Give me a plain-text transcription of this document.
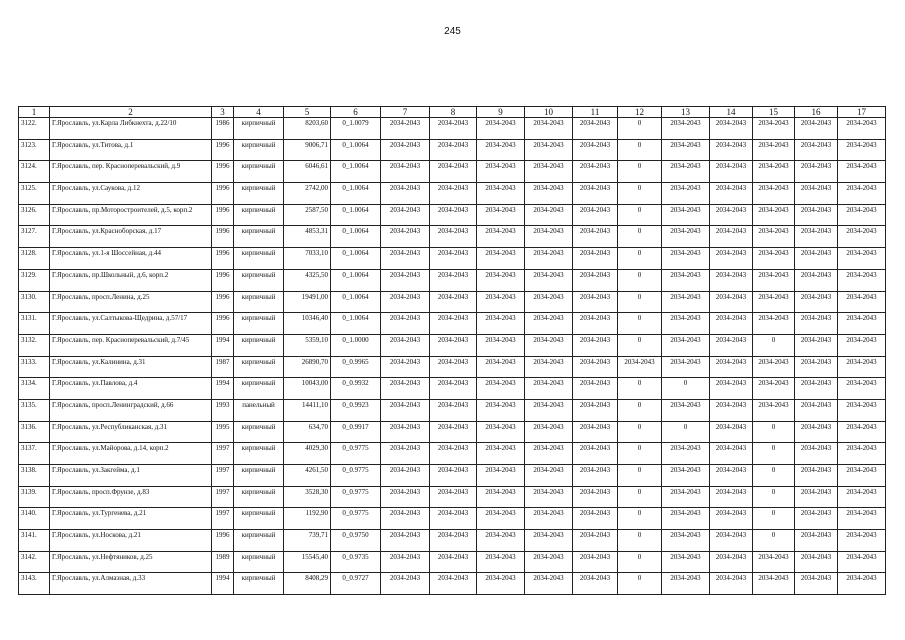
245
1	2	3	4	5	6	7	8	9	10	11	12	13	14	15	16	17
3122.	Г.Ярославль, ул.Карла Либкнехта, д.22/10	1986	кирпичный	8203,60	0_1.0079	2034-2043	2034-2043	2034-2043	2034-2043	2034-2043	0	2034-2043	2034-2043	2034-2043	2034-2043	2034-2043
3123.	Г.Ярославль, ул.Титова, д.1	1996	кирпичный	9006,71	0_1.0064	2034-2043	2034-2043	2034-2043	2034-2043	2034-2043	0	2034-2043	2034-2043	2034-2043	2034-2043	2034-2043
3124.	Г.Ярославль, пер. Красноперевальский, д.9	1996	кирпичный	6046,61	0_1.0064	2034-2043	2034-2043	2034-2043	2034-2043	2034-2043	0	2034-2043	2034-2043	2034-2043	2034-2043	2034-2043
3125.	Г.Ярославль, ул.Саукова, д.12	1996	кирпичный	2742,00	0_1.0064	2034-2043	2034-2043	2034-2043	2034-2043	2034-2043	0	2034-2043	2034-2043	2034-2043	2034-2043	2034-2043
3126.	Г.Ярославль, пр.Моторостроителей, д.5, корп.2	1996	кирпичный	2587,50	0_1.0064	2034-2043	2034-2043	2034-2043	2034-2043	2034-2043	0	2034-2043	2034-2043	2034-2043	2034-2043	2034-2043
3127.	Г.Ярославль, ул.Красноборская, д.17	1996	кирпичный	4853,31	0_1.0064	2034-2043	2034-2043	2034-2043	2034-2043	2034-2043	0	2034-2043	2034-2043	2034-2043	2034-2043	2034-2043
3128.	Г.Ярославль, ул.1-я Шоссейная, д.44	1996	кирпичный	7033,10	0_1.0064	2034-2043	2034-2043	2034-2043	2034-2043	2034-2043	0	2034-2043	2034-2043	2034-2043	2034-2043	2034-2043
3129.	Г.Ярославль, пр.Школьный, д.6, корп.2	1996	кирпичный	4325,50	0_1.0064	2034-2043	2034-2043	2034-2043	2034-2043	2034-2043	0	2034-2043	2034-2043	2034-2043	2034-2043	2034-2043
3130.	Г.Ярославль, просп.Ленина, д.25	1996	кирпичный	19491,00	0_1.0064	2034-2043	2034-2043	2034-2043	2034-2043	2034-2043	0	2034-2043	2034-2043	2034-2043	2034-2043	2034-2043
3131.	Г.Ярославль, ул.Салтыкова-Щедрина, д.57/17	1996	кирпичный	10346,40	0_1.0064	2034-2043	2034-2043	2034-2043	2034-2043	2034-2043	0	2034-2043	2034-2043	2034-2043	2034-2043	2034-2043
3132.	Г.Ярославль, пер. Красноперевальский, д.7/45	1994	кирпичный	5359,10	0_1.0000	2034-2043	2034-2043	2034-2043	2034-2043	2034-2043	0	2034-2043	2034-2043	0	2034-2043	2034-2043
3133.	Г.Ярославль, ул.Калинина, д.31	1987	кирпичный	26890,70	0_0.9965	2034-2043	2034-2043	2034-2043	2034-2043	2034-2043	2034-2043	2034-2043	2034-2043	2034-2043	2034-2043	2034-2043
3134.	Г.Ярославль, ул.Павлова, д.4	1994	кирпичный	10043,00	0_0.9932	2034-2043	2034-2043	2034-2043	2034-2043	2034-2043	0	0	2034-2043	2034-2043	2034-2043	2034-2043
3135.	Г.Ярославль, просп.Ленинградский, д.66	1993	панельный	14411,10	0_0.9923	2034-2043	2034-2043	2034-2043	2034-2043	2034-2043	0	2034-2043	2034-2043	2034-2043	2034-2043	2034-2043
3136.	Г.Ярославль, ул.Республиканская, д.31	1995	кирпичный	634,70	0_0.9917	2034-2043	2034-2043	2034-2043	2034-2043	2034-2043	0	0	2034-2043	0	2034-2043	2034-2043
3137.	Г.Ярославль, ул.Майорова, д.14, корп.2	1997	кирпичный	4029,30	0_0.9775	2034-2043	2034-2043	2034-2043	2034-2043	2034-2043	0	2034-2043	2034-2043	0	2034-2043	2034-2043
3138.	Г.Ярославль, ул.Закгейма, д.1	1997	кирпичный	4261,50	0_0.9775	2034-2043	2034-2043	2034-2043	2034-2043	2034-2043	0	2034-2043	2034-2043	0	2034-2043	2034-2043
3139.	Г.Ярославль, просп.Фрунзе, д.83	1997	кирпичный	3528,30	0_0.9775	2034-2043	2034-2043	2034-2043	2034-2043	2034-2043	0	2034-2043	2034-2043	0	2034-2043	2034-2043
3140.	Г.Ярославль, ул.Тургенева, д.21	1997	кирпичный	1192,90	0_0.9775	2034-2043	2034-2043	2034-2043	2034-2043	2034-2043	0	2034-2043	2034-2043	0	2034-2043	2034-2043
3141.	Г.Ярославль, ул.Носкова, д.21	1996	кирпичный	739,71	0_0.9750	2034-2043	2034-2043	2034-2043	2034-2043	2034-2043	0	2034-2043	2034-2043	0	2034-2043	2034-2043
3142.	Г.Ярославль, ул.Нефтяников, д.25	1989	кирпичный	15545,40	0_0.9735	2034-2043	2034-2043	2034-2043	2034-2043	2034-2043	0	2034-2043	2034-2043	2034-2043	2034-2043	2034-2043
3143.	Г.Ярославль, ул.Алмазная, д.33	1994	кирпичный	8408,29	0_0.9727	2034-2043	2034-2043	2034-2043	2034-2043	2034-2043	0	2034-2043	2034-2043	2034-2043	2034-2043	2034-2043
